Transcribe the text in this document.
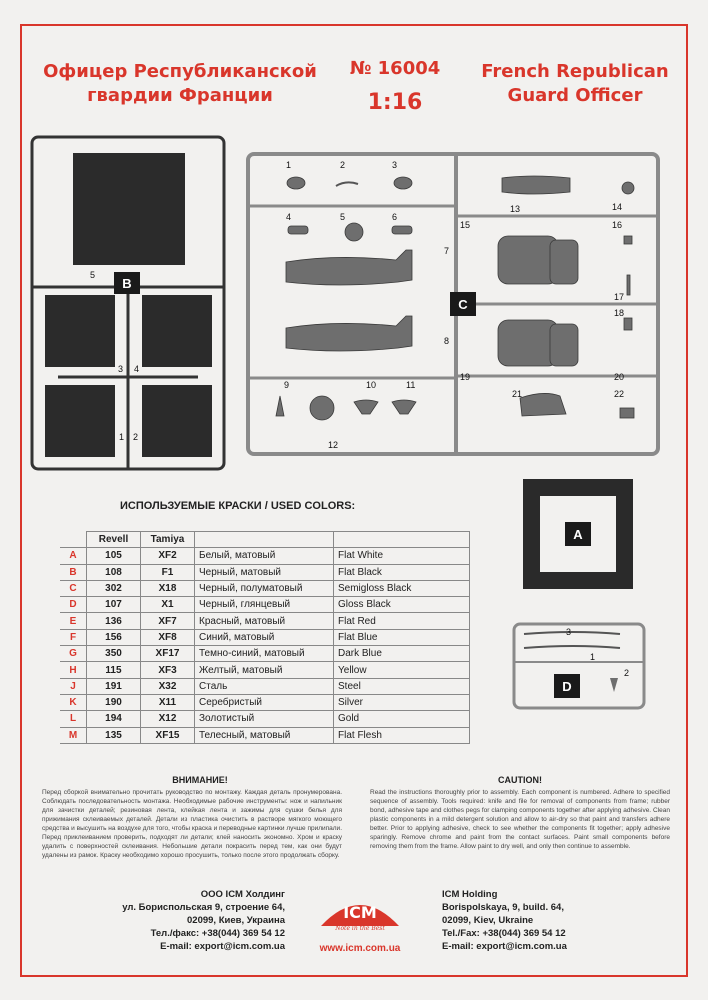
Офицер Республиканской
гвардии Франции
№ 16004
1:16
French Republican
Guard Officer
B
5
3 4
1 2
C
1	2	3
4	5	6
7
8
9	10	11
12
13	14
15	16
17
18
19	20
21	22
A
D
3
1
2
ИСПОЛЬЗУЕМЫЕ КРАСКИ / USED COLORS:
	Revell	Tamiya		
A	105	XF2	Белый, матовый	Flat White
B	108	F1	Черный, матовый	Flat Black
C	302	X18	Черный, полуматовый	Semigloss Black
D	107	X1	Черный, глянцевый	Gloss Black
E	136	XF7	Красный, матовый	Flat Red
F	156	XF8	Синий, матовый	Flat Blue
G	350	XF17	Темно-синий, матовый	Dark Blue
H	115	XF3	Желтый, матовый	Yellow
J	191	X32	Сталь	Steel
K	190	X11	Серебристый	Silver
L	194	X12	Золотистый	Gold
M	135	XF15	Телесный, матовый	Flat Flesh
ВНИМАНИЕ!
Перед сборкой внимательно прочитать руководство по монтажу. Каждая деталь пронумерована. Соблюдать последовательность монтажа. Необходимые рабочие инструменты: нож и напильник для зачистки деталей; резиновая лента, клейкая лента и зажимы для сушки белья для прижимания склеиваемых деталей. Детали из пластика очистить в растворе мягкого моющего средства и высушить на воздухе для того, чтобы краска и переводные картинки лучше прилипали. Перед приклеиванием проверить, подходят ли детали; клей наносить экономно. Хром и краску удалить с поверхностей склеивания. Небольшие детали покрасить перед тем, как они будут удалены из рамок. Краску необходимо хорошо просушить, только после этого продолжать сборку.
CAUTION!
Read the instructions thoroughly prior to assembly. Each component is numbered. Adhere to specified sequence of assembly. Tools required: knife and file for removal of components from frame; rubber bond, adhesive tape and clothes pegs for clamping components together after applying adhesive. Clean plastic components in a mild detergent solution and allow to air-dry so that paint and transfers adhere better. Prior to applying adhesive, check to see whether the components fit together; apply adhesive sparingly. Remove chrome and paint from the contact surfaces. Paint small components before removing them from the frame. Allow paint to dry well, and only then continue to assemble.
ООО ICM Холдинг
ул. Бориспольская 9, строение 64,
02099, Киев, Украина
Тел./факс: +38(044) 369 54 12
E-mail: export@icm.com.ua
ICM Holding
Borispolskaya, 9, build. 64,
02099, Kiev, Ukraine
Tel./Fax: +38(044) 369 54 12
E-mail: export@icm.com.ua
ICM
Note in the Best
www.icm.com.ua
